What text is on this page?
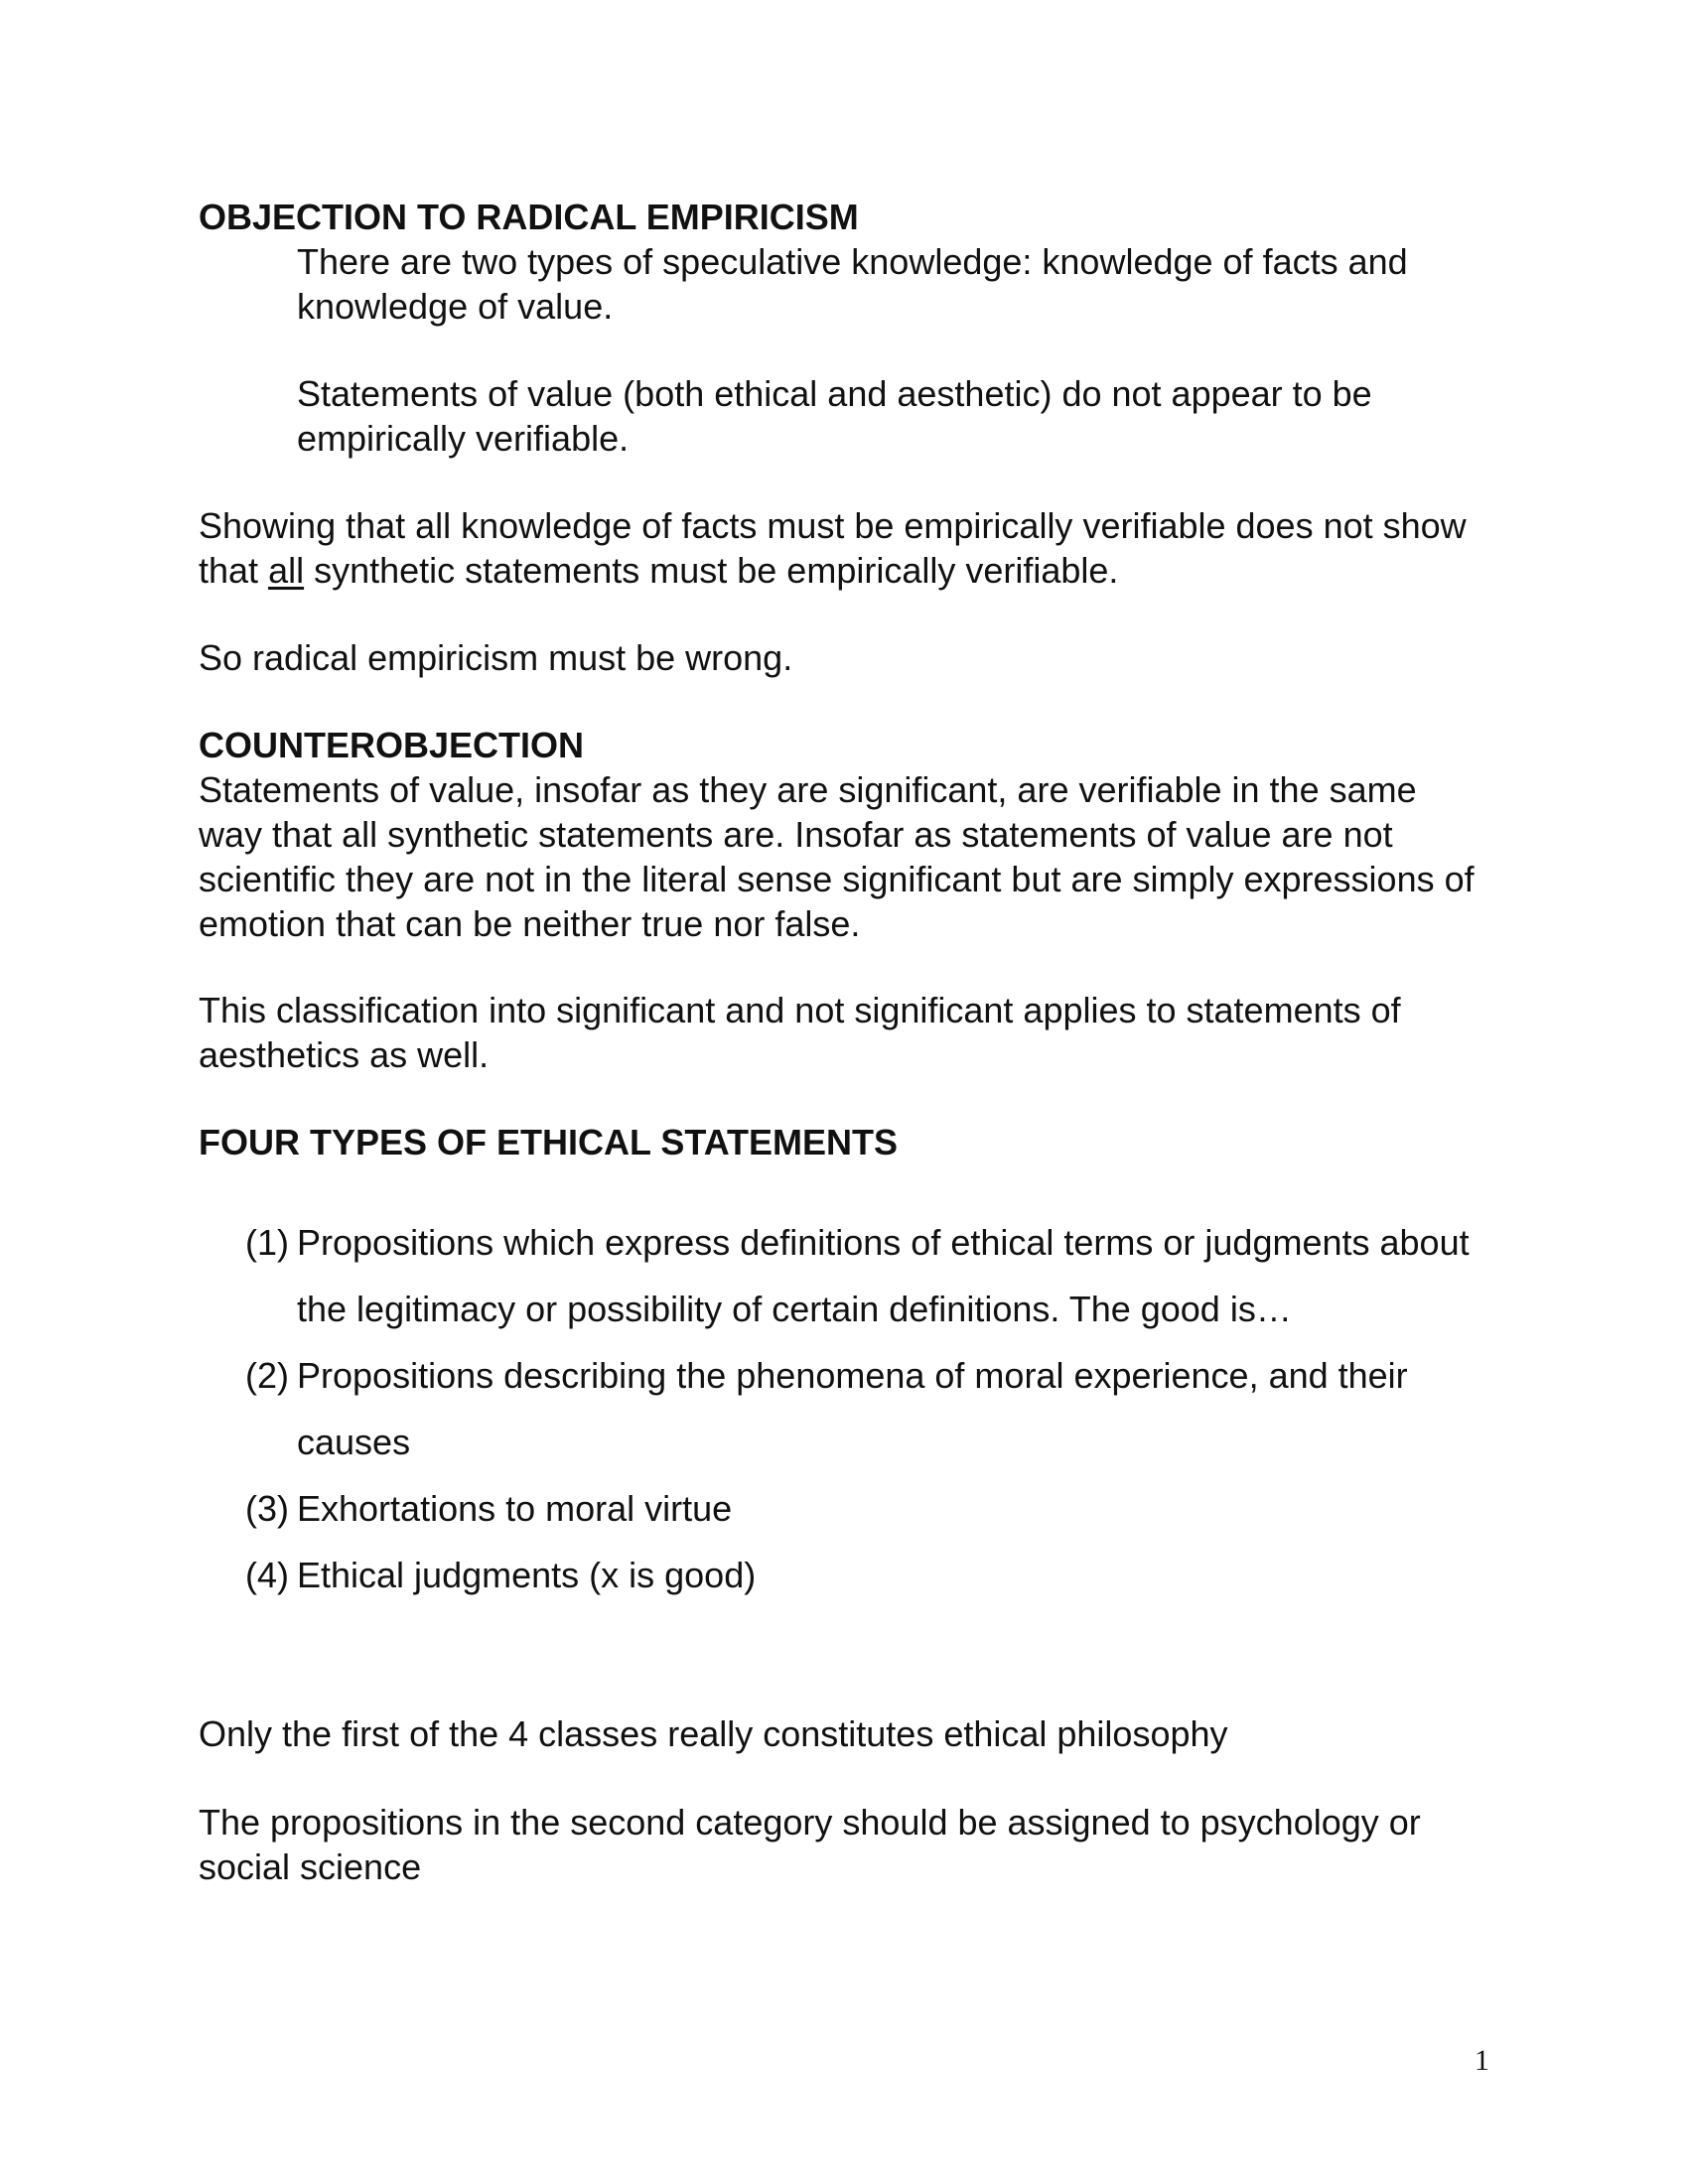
OBJECTION TO RADICAL EMPIRICISM

There are two types of speculative knowledge: knowledge of facts and knowledge of value.

Statements of value (both ethical and aesthetic) do not appear to be empirically verifiable.

Showing that all knowledge of facts must be empirically verifiable does not show that all synthetic statements must be empirically verifiable.

So radical empiricism must be wrong.

COUNTEROBJECTION

Statements of value, insofar as they are significant, are verifiable in the same way that all synthetic statements are. Insofar as statements of value are not scientific they are not in the literal sense significant but are simply expressions of emotion that can be neither true nor false.

This classification into significant and not significant applies to statements of aesthetics as well.

FOUR TYPES OF ETHICAL STATEMENTS

(1) Propositions which express definitions of ethical terms or judgments about the legitimacy or possibility of certain definitions. The good is…
(2) Propositions describing the phenomena of moral experience, and their causes
(3) Exhortations to moral virtue
(4) Ethical judgments (x is good)

Only the first of the 4 classes really constitutes ethical philosophy

The propositions in the second category should be assigned to psychology or social science

1
